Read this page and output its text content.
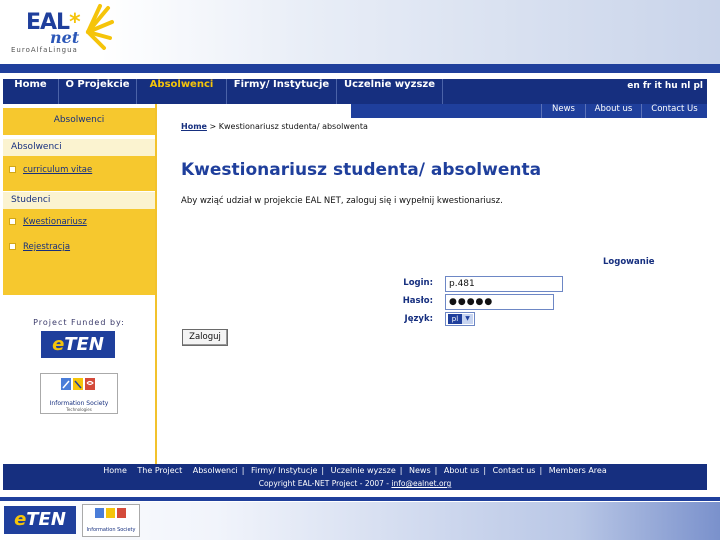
EAL*
net
EuroAlfaLingua
Home	O Projekcie	Absolwenci	Firmy/ Instytucje	Uczelnie wyzsze	en fr it hu nl pl
News	About us	Contact Us
Absolwenci
Absolwenci
curriculum vitae
Studenci
Kwestionariusz
Rejestracja
Project Funded by:
eTEN
Information Society
Technologies
Home > Kwestionariusz studenta/ absolwenta
Kwestionariusz studenta/ absolwenta
Aby wziąć udział w projekcie EAL NET, zaloguj się i wypełnij kwestionariusz.
Logowanie
Login:	p.481
Hasło:	●●●●●
Język:	pl	▼
Zaloguj
Home The Project Absolwenci | Firmy/ Instytucje | Uczelnie wyzsze | News | About us | Contact us | Members Area
Copyright EAL-NET Project - 2007 - info@ealnet.org
eTEN	Information Society
